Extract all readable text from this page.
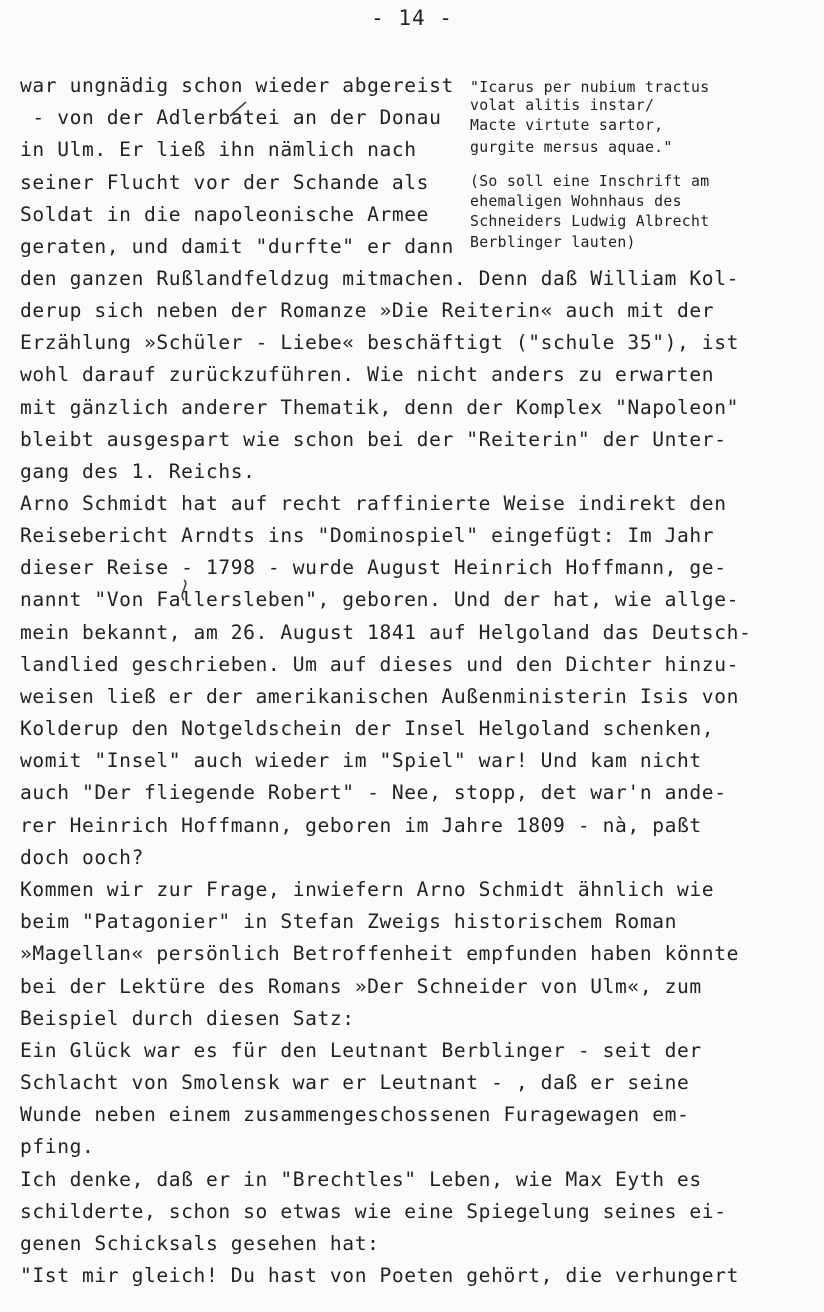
- 14 -
war ungnädig schon wieder abgereist
- von der Adlerbatei an der Donau
in Ulm. Er ließ ihn nämlich nach
seiner Flucht vor der Schande als
Soldat in die napoleonische Armee
geraten, und damit "durfte" er dann
den ganzen Rußlandfeldzug mitmachen. Denn daß William Kol-
derup sich neben der Romanze »Die Reiterin« auch mit der
Erzählung »Schüler - Liebe« beschäftigt ("schule 35"), ist
wohl darauf zurückzuführen. Wie nicht anders zu erwarten
mit gänzlich anderer Thematik, denn der Komplex "Napoleon"
bleibt ausgespart wie schon bei der "Reiterin" der Unter-
gang des 1. Reichs.
Arno Schmidt hat auf recht raffinierte Weise indirekt den
Reisebericht Arndts ins "Dominospiel" eingefügt: Im Jahr
dieser Reise - 1798 - wurde August Heinrich Hoffmann, ge-
nannt "Von Fallersleben", geboren. Und der hat, wie allge-
mein bekannt, am 26. August 1841 auf Helgoland das Deutsch-
landlied geschrieben. Um auf dieses und den Dichter hinzu-
weisen ließ er der amerikanischen Außenministerin Isis von
Kolderup den Notgeldschein der Insel Helgoland schenken,
womit "Insel" auch wieder im "Spiel" war! Und kam nicht
auch "Der fliegende Robert" - Nee, stopp, det war'n ande-
rer Heinrich Hoffmann, geboren im Jahre 1809 - nà, paßt
doch ooch?
Kommen wir zur Frage, inwiefern Arno Schmidt ähnlich wie
beim "Patagonier" in Stefan Zweigs historischem Roman
»Magellan« persönlich Betroffenheit empfunden haben könnte
bei der Lektüre des Romans »Der Schneider von Ulm«, zum
Beispiel durch diesen Satz:
Ein Glück war es für den Leutnant Berblinger - seit der
Schlacht von Smolensk war er Leutnant - , daß er seine
Wunde neben einem zusammengeschossenen Furagewagen em-
pfing.
Ich denke, daß er in "Brechtles" Leben, wie Max Eyth es
schilderte, schon so etwas wie eine Spiegelung seines ei-
genen Schicksals gesehen hat:
"Ist mir gleich! Du hast von Poeten gehört, die verhungert
"Icarus per nubium tractus
volat alitis instar/
Macte virtute sartor,
gurgite mersus aquae."
(So soll eine Inschrift am
ehemaligen Wohnhaus des
Schneiders Ludwig Albrecht
Berblinger lauten)
